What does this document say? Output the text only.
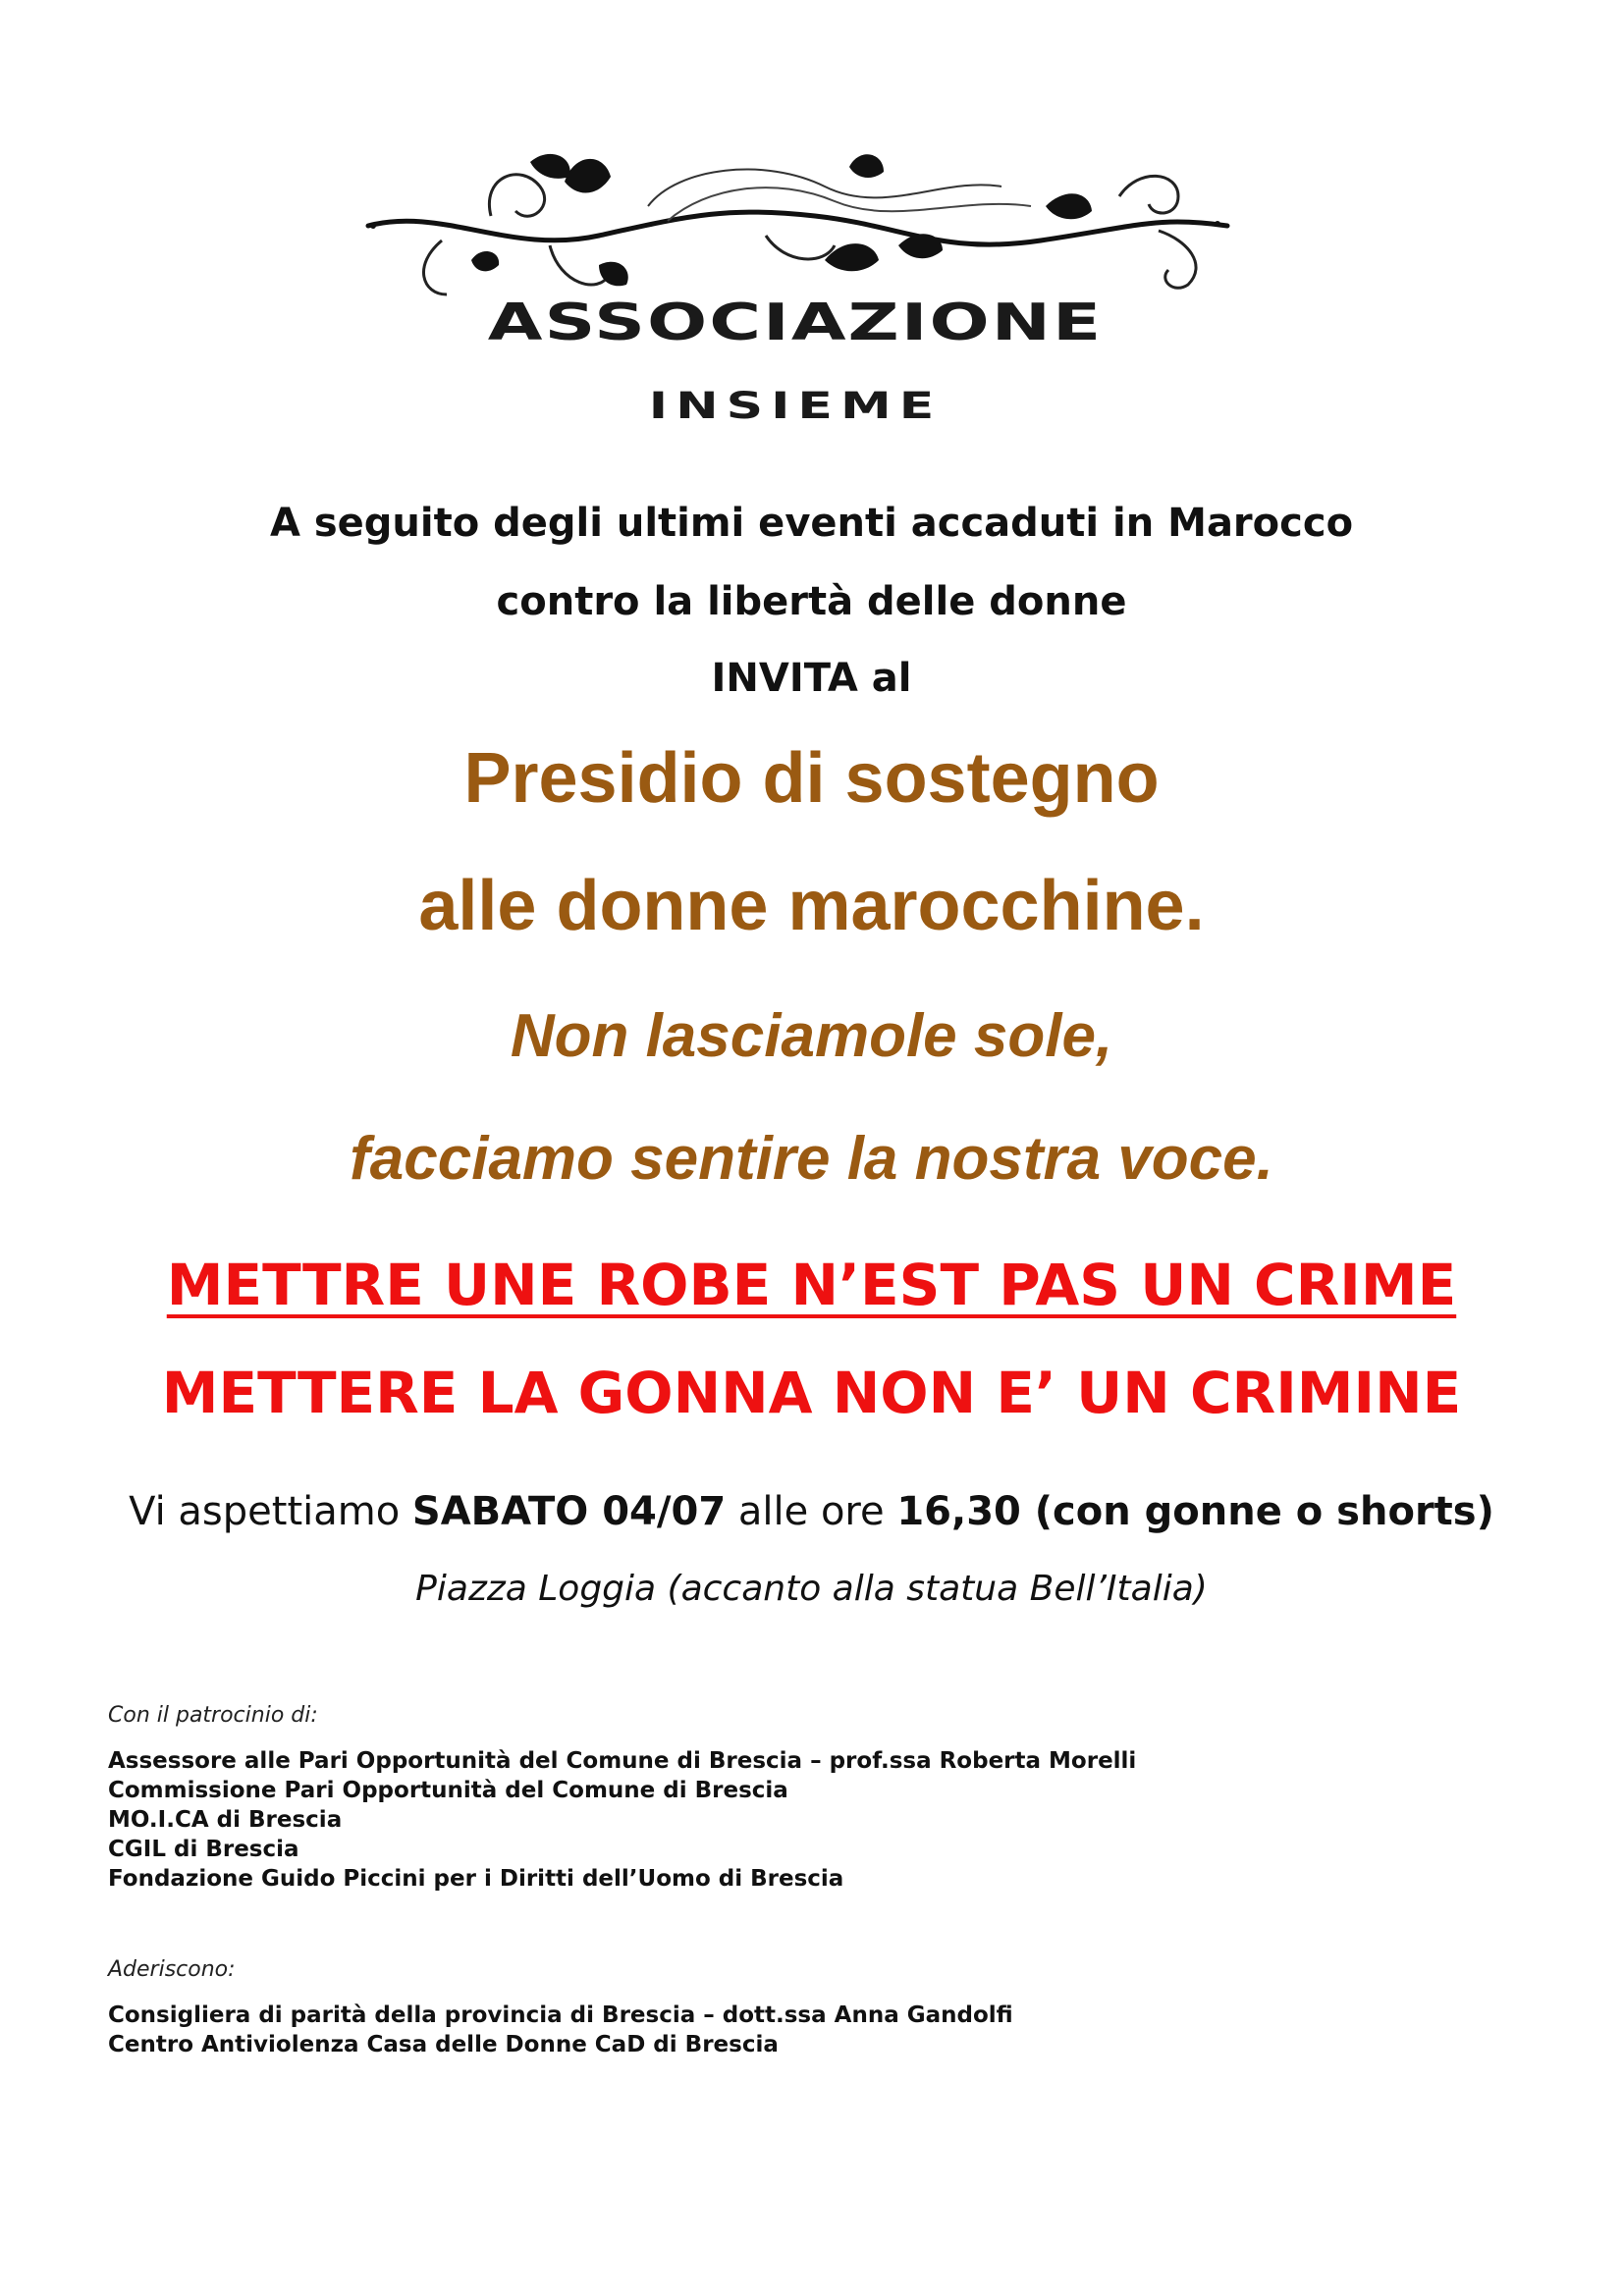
ASSOCIAZIONE
INSIEME
A seguito degli ultimi eventi accaduti in Marocco
contro la libertà delle donne
INVITA al
Presidio di sostegno
alle donne marocchine.
Non lasciamole sole,
facciamo sentire la nostra voce.
METTRE UNE ROBE N’EST PAS UN CRIME
METTERE LA GONNA NON E’ UN CRIMINE
Vi aspettiamo SABATO 04/07 alle ore 16,30 (con gonne o shorts)
Piazza Loggia (accanto alla statua Bell’Italia)
Con il patrocinio di:
Assessore alle Pari Opportunità del Comune di Brescia – prof.ssa Roberta Morelli
Commissione Pari Opportunità del Comune di Brescia
MO.I.CA di Brescia
CGIL di Brescia
Fondazione Guido Piccini per i Diritti dell’Uomo di Brescia
Aderiscono:
Consigliera di parità della provincia di Brescia – dott.ssa Anna Gandolfi
Centro Antiviolenza Casa delle Donne CaD di Brescia
